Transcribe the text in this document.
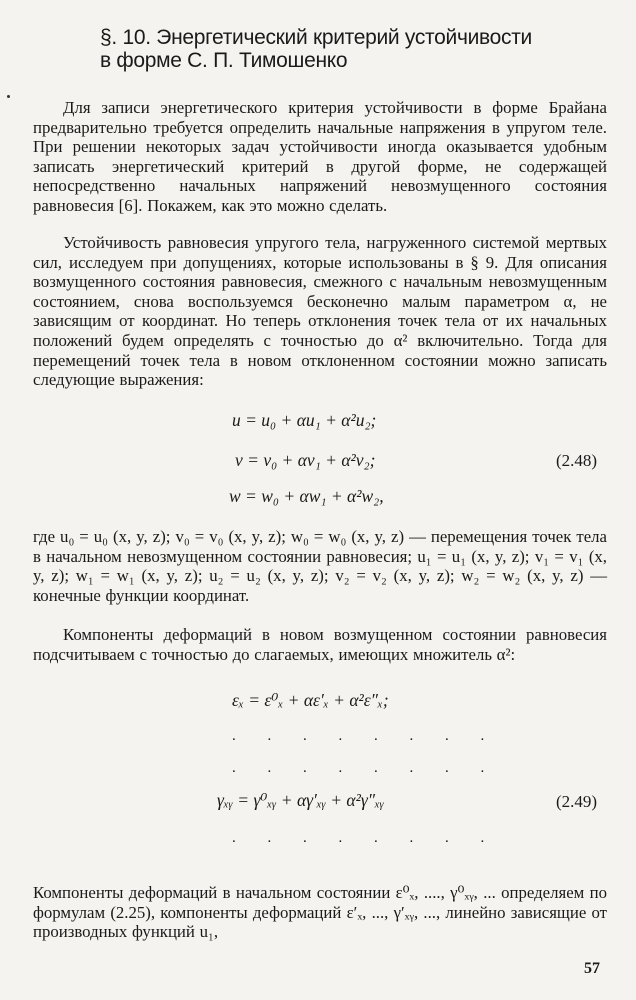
§. 10. Энергетический критерий устойчивости
в форме С. П. Тимошенко
Для записи энергетического критерия устойчивости в форме Брайана предварительно требуется определить начальные напряжения в упругом теле. При решении некоторых задач устойчивости иногда оказывается удобным записать энергетический критерий в другой форме, не содержащей непосредственно начальных напряжений невозмущенного состояния равновесия [6]. Покажем, как это можно сделать.
Устойчивость равновесия упругого тела, нагруженного системой мертвых сил, исследуем при допущениях, которые использованы в § 9. Для описания возмущенного состояния равновесия, смежного с начальным невозмущенным состоянием, снова воспользуемся бесконечно малым параметром α, не зависящим от координат. Но теперь отклонения точек тела от их начальных положений будем определять с точностью до α² включительно. Тогда для перемещений точек тела в новом отклоненном состоянии можно записать следующие выражения:
u = u₀ + αu₁ + α²u₂;
v = v₀ + αv₁ + α²v₂;
w = w₀ + αw₁ + α²w₂,
(2.48)
где u₀ = u₀ (x, y, z); v₀ = v₀ (x, y, z); w₀ = w₀ (x, y, z) — перемещения точек тела в начальном невозмущенном состоянии равновесия; u₁ = u₁ (x, y, z); v₁ = v₁ (x, y, z); w₁ = w₁ (x, y, z); u₂ = u₂ (x, y, z); v₂ = v₂ (x, y, z); w₂ = w₂ (x, y, z) — конечные функции координат.
Компоненты деформаций в новом возмущенном состоянии равновесия подсчитываем с точностью до слагаемых, имеющих множитель α²:
εₓ = ε⁰ₓ + αε′ₓ + α²ε″ₓ;
. . . . . . . .
. . . . . . . .
γₓᵧ = γ⁰ₓᵧ + αγ′ₓᵧ + α²γ″ₓᵧ	(2.49)
. . . . . . . .
Компоненты деформаций в начальном состоянии ε⁰ₓ, ...., γ⁰ₓᵧ, ... определяем по формулам (2.25), компоненты деформаций ε′ₓ, ..., γ′ₓᵧ, ..., линейно зависящие от производных функций u₁,
57
